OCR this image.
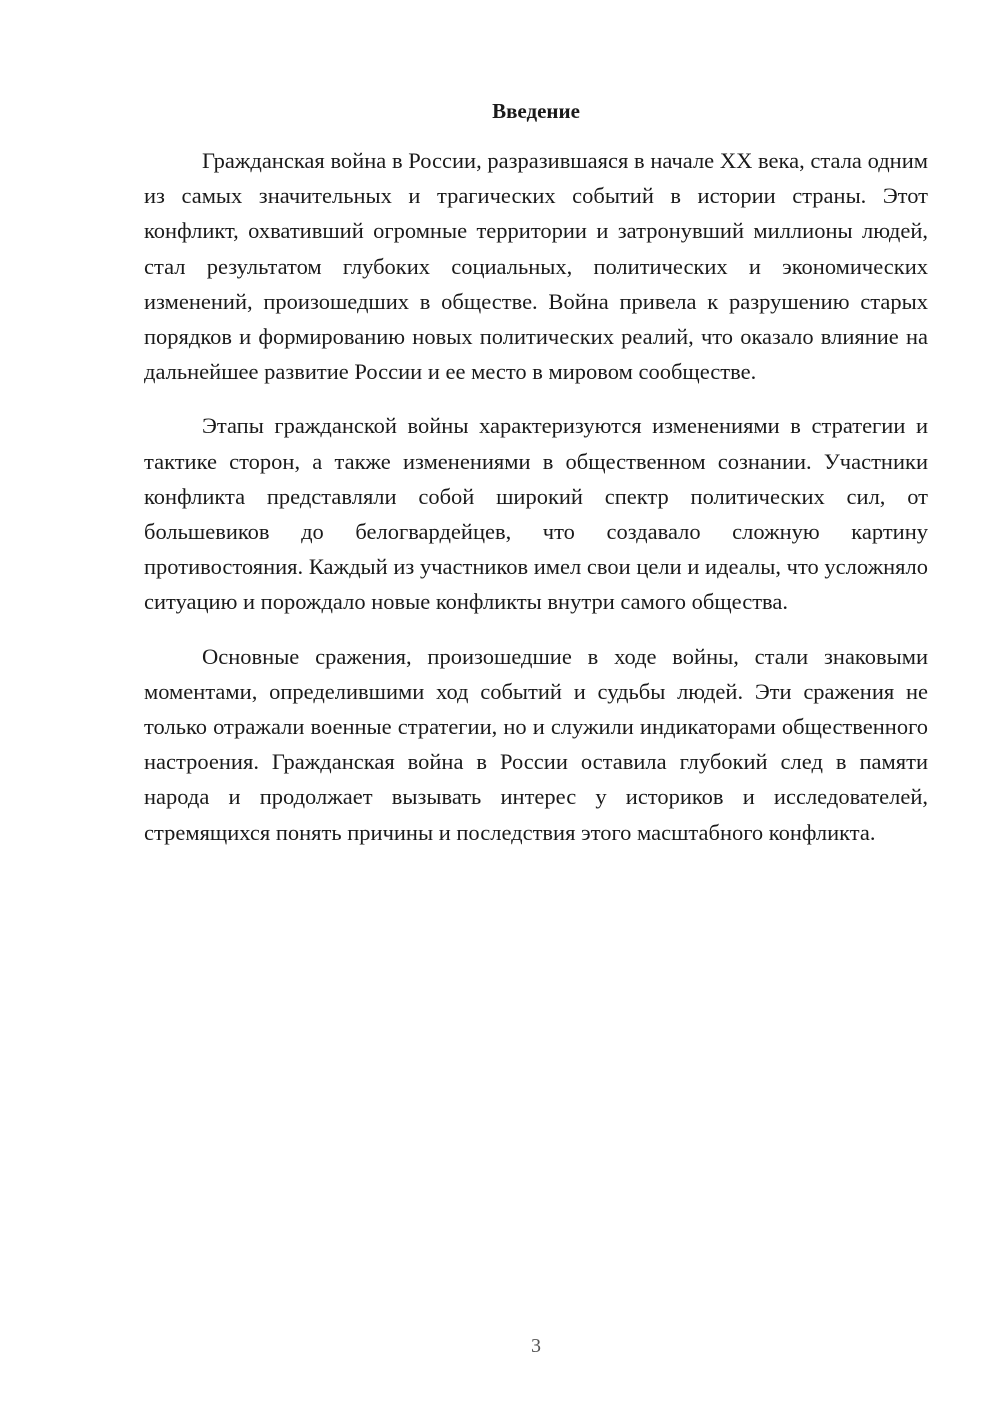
Введение

Гражданская война в России, разразившаяся в начале XX века, стала одним из самых значительных и трагических событий в истории страны. Этот конфликт, охвативший огромные территории и затронувший миллионы людей, стал результатом глубоких социальных, политических и экономических изменений, произошедших в обществе. Война привела к разрушению старых порядков и формированию новых политических реалий, что оказало влияние на дальнейшее развитие России и ее место в мировом сообществе.

Этапы гражданской войны характеризуются изменениями в стратегии и тактике сторон, а также изменениями в общественном сознании. Участники конфликта представляли собой широкий спектр политических сил, от большевиков до белогвардейцев, что создавало сложную картину противостояния. Каждый из участников имел свои цели и идеалы, что усложняло ситуацию и порождало новые конфликты внутри самого общества.

Основные сражения, произошедшие в ходе войны, стали знаковыми моментами, определившими ход событий и судьбы людей. Эти сражения не только отражали военные стратегии, но и служили индикаторами общественного настроения. Гражданская война в России оставила глубокий след в памяти народа и продолжает вызывать интерес у историков и исследователей, стремящихся понять причины и последствия этого масштабного конфликта.

3
